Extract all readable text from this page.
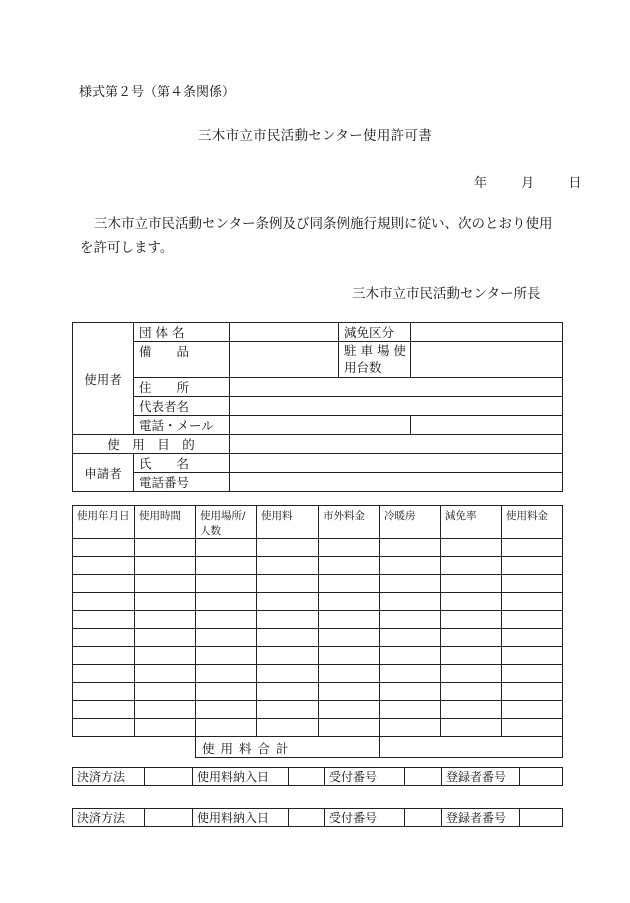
様式第２号（第４条関係）
三木市立市民活動センター使用許可書
年	月	日
三木市立市民活動センター条例及び同条例施行規則に従い、次のとおり使用を許可します。
三木市立市民活動センター所長
使用者	団 体 名		減免区分	
	備　　品		駐 車 場 使
用台数	
	住　　所			
	代表者名			
	電話・メール			
使　用　目　的				
申請者	氏　　名			
	電話番号			
使用年月日	使用時間	使用場所/人数	使用料	市外料金	冷暖房	減免率	使用料金

		使 用 料 合 計					
決済方法		使用料納入日		受付番号		登録者番号	
決済方法		使用料納入日		受付番号		登録者番号	
